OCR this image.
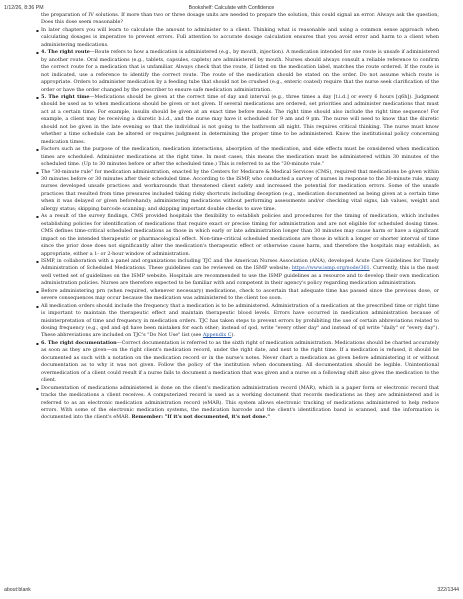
1/12/26, 8:36 PM	Bookshelf: Calculate with Confidence

the preparation of IV solutions. If more than two or three dosage units are needed to prepare the solution, this could signal an error. Always ask the question, Does this dose seem reasonable?

▪ In later chapters you will learn to calculate the amount to administer to a client. Thinking what is reasonable and using a common sense approach when calculating dosages is imperative to prevent errors. Full attention to accurate dosage calculation ensures that you avoid error and harm to a client when administering medications.
▪ 4. The right route—Route refers to how a medication is administered (e.g., by mouth, injection). A medication intended for one route is unsafe if administered by another route. Oral medications (e.g., tablets, capsules, caplets) are administered by mouth. Nurses should always consult a reliable reference to confirm the correct route for a medication that is unfamiliar. Always check that the route, if listed on the medication label, matches the route ordered. If the route is not indicated, use a reference to identify the correct route. The route of the medication should be stated on the order. Do not assume which route is appropriate. Orders to administer medication by a feeding tube that should not be crushed (e.g., enteric coated) require that the nurse seek clarification of the order or have the order changed by the prescriber to ensure safe medication administration.
▪ 5. The right time—Medications should be given at the correct time of day and interval (e.g., three times a day [t.i.d.] or every 6 hours [q6h]). Judgment should be used as to when medications should be given or not given. If several medications are ordered, set priorities and administer medications that must act at a certain time. For example, insulin should be given at an exact time before meals. The right time should also include the right time sequence! For example, a client may be receiving a diuretic b.i.d., and the nurse may have it scheduled for 9 am and 9 pm. The nurse will need to know that the diuretic should not be given in the late evening so that the individual is not going to the bathroom all night. This requires critical thinking. The nurse must know whether a time schedule can be altered or requires judgment in determining the proper time to be administered. Know the institutional policy concerning medication times.
▪ Factors such as the purpose of the medication, medication interactions, absorption of the medication, and side effects must be considered when medication times are scheduled. Administer medications at the right time. In most cases, this means the medication must be administered within 30 minutes of the scheduled time. (Up to 30 minutes before or after the scheduled time.) This is referred to as the "30-minute rule."
▪ The "30-minute rule" for medication administration, enacted by the Centers for Medicare & Medical Services (CMS), required that medications be given within 30 minutes before or 30 minutes after their scheduled time. According to the ISMP, who conducted a survey of nurses in response to the 30-minute rule, many nurses developed unsafe practices and workarounds that threatened client safety and increased the potential for medication errors. Some of the unsafe practices that resulted from time pressures included taking risky shortcuts including deception (e.g., medication documented as being given at a certain time when it was delayed or given beforehand); administering medications without performing assessments and/or checking vital signs, lab values, weight and allergy status; skipping barcode scanning; and skipping important double checks to save time.
▪ As a result of the survey findings, CMS provided hospitals the flexibility to establish policies and procedures for the timing of medication, which includes establishing policies for identification of medications that require exact or precise timing for administration and are not eligible for scheduled dosing times. CMS defines time-critical scheduled medications as those in which early or late administration longer than 30 minutes may cause harm or have a significant impact on the intended therapeutic or pharmacological effect. Non-time-critical scheduled medications are those in which a longer or shorter interval of time since the prior dose does not significantly alter the medication's therapeutic effect or otherwise cause harm, and therefore the hospitals may establish, as appropriate, either a 1- or 2-hour window of administration.
▪ ISMP, in collaboration with a panel and organizations including TJC and the American Nurses Association (ANA), developed Acute Care Guidelines for Timely Administration of Scheduled Medications. These guidelines can be reviewed on the ISMP website: https://www.ismp.org/node/361. Currently, this is the most well vetted set of guidelines on the ISMP website. Hospitals are recommended to use the ISMP guidelines as a resource and to develop their own medication administration policies. Nurses are therefore expected to be familiar with and competent in their agency's policy regarding medication administration.
▪ Before administering prn (when required, whenever necessary) medications, check to ascertain that adequate time has passed since the previous dose, or severe consequences may occur because the medication was administered to the client too soon.
▪ All medication orders should include the frequency that a medication is to be administered. Administration of a medication at the prescribed time or right time is important to maintain the therapeutic effect and maintain therapeutic blood levels. Errors have occurred in medication administration because of misinterpretation of time and frequency in medication orders. TJC has taken steps to prevent errors by prohibiting the use of certain abbreviations related to dosing frequency (e.g., qod and qd have been mistaken for each other; instead of qod, write "every other day" and instead of qd write "daily" or "every day"). These abbreviations are included on TJC's "Do Not Use" list (see Appendix C).
▪ 6. The right documentation—Correct documentation is referred to as the sixth right of medication administration. Medications should be charted accurately as soon as they are given—on the right client's medication record, under the right date, and next to the right time. If a medication is refused, it should be documented as such with a notation on the medication record or in the nurse's notes. Never chart a medication as given before administering it or without documentation as to why it was not given. Follow the policy of the institution when documenting. All documentation should be legible. Unintentional overmedication of a client could result if a nurse fails to document a medication that was given and a nurse on a following shift also gives the medication to the client.
▪ Documentation of medications administered is done on the client's medication administration record (MAR), which is a paper form or electronic record that tracks the medications a client receives. A computerized record is used as a working document that records medications as they are administered and is referred to as an electronic medication administration record (eMAR). This system allows electronic tracking of medications administered to help reduce errors. With some of the electronic medication systems, the medication barcode and the client's identification band is scanned, and the information is documented into the client's eMAR. Remember: "If it's not documented, it's not done."
about:blank	322/1344
